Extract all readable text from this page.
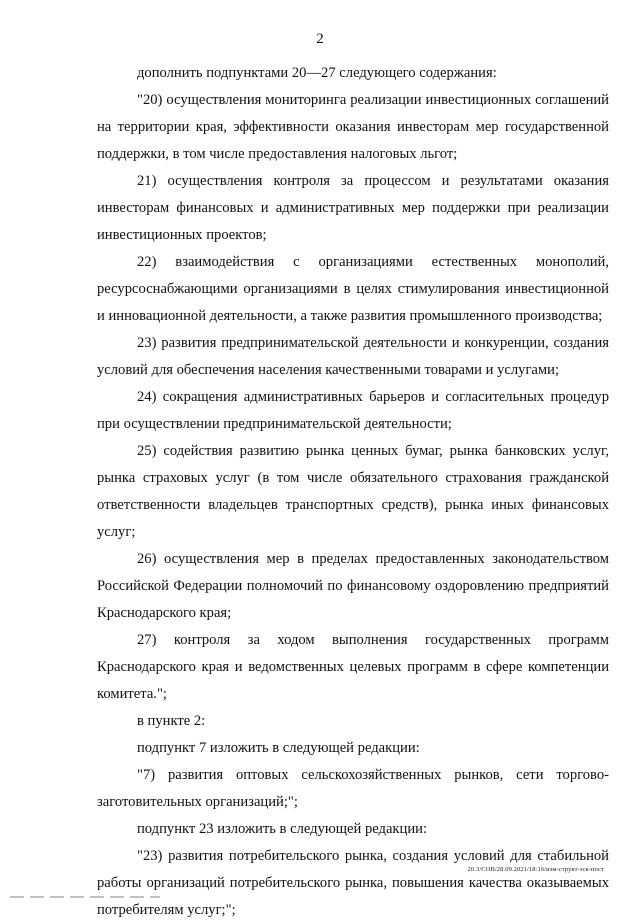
2

дополнить подпунктами 20—27 следующего содержания:

"20) осуществления мониторинга реализации инвестиционных соглашений на территории края, эффективности оказания инвесторам мер государственной поддержки, в том числе предоставления налоговых льгот;

21) осуществления контроля за процессом и результатами оказания инвесторам финансовых и административных мер поддержки при реализации инвестиционных проектов;

22) взаимодействия с организациями естественных монополий, ресурсоснабжающими организациями в целях стимулирования инвестиционной и инновационной деятельности, а также развития промышленного производства;

23) развития предпринимательской деятельности и конкуренции, создания условий для обеспечения населения качественными товарами и услугами;

24) сокращения административных барьеров и согласительных процедур при осуществлении предпринимательской деятельности;

25) содействия развитию рынка ценных бумаг, рынка банковских услуг, рынка страховых услуг (в том числе обязательного страхования гражданской ответственности владельцев транспортных средств), рынка иных финансовых услуг;

26) осуществления мер в пределах предоставленных законодательством Российской Федерации полномочий по финансовому оздоровлению предприятий Краснодарского края;

27) контроля за ходом выполнения государственных программ Краснодарского края и ведомственных целевых программ в сфере компетенции комитета.";

в пункте 2:

подпункт 7 изложить в следующей редакции:

"7) развития оптовых сельскохозяйственных рынков, сети торгово-заготовительных организаций;";

подпункт 23 изложить в следующей редакции:

"23) развития потребительского рынка, создания условий для стабильной работы организаций потребительского рынка, повышения качества оказываемых потребителям услуг;";

20.3/СОВ/28.09.2021/18:16/изм-структ-зск-пост
